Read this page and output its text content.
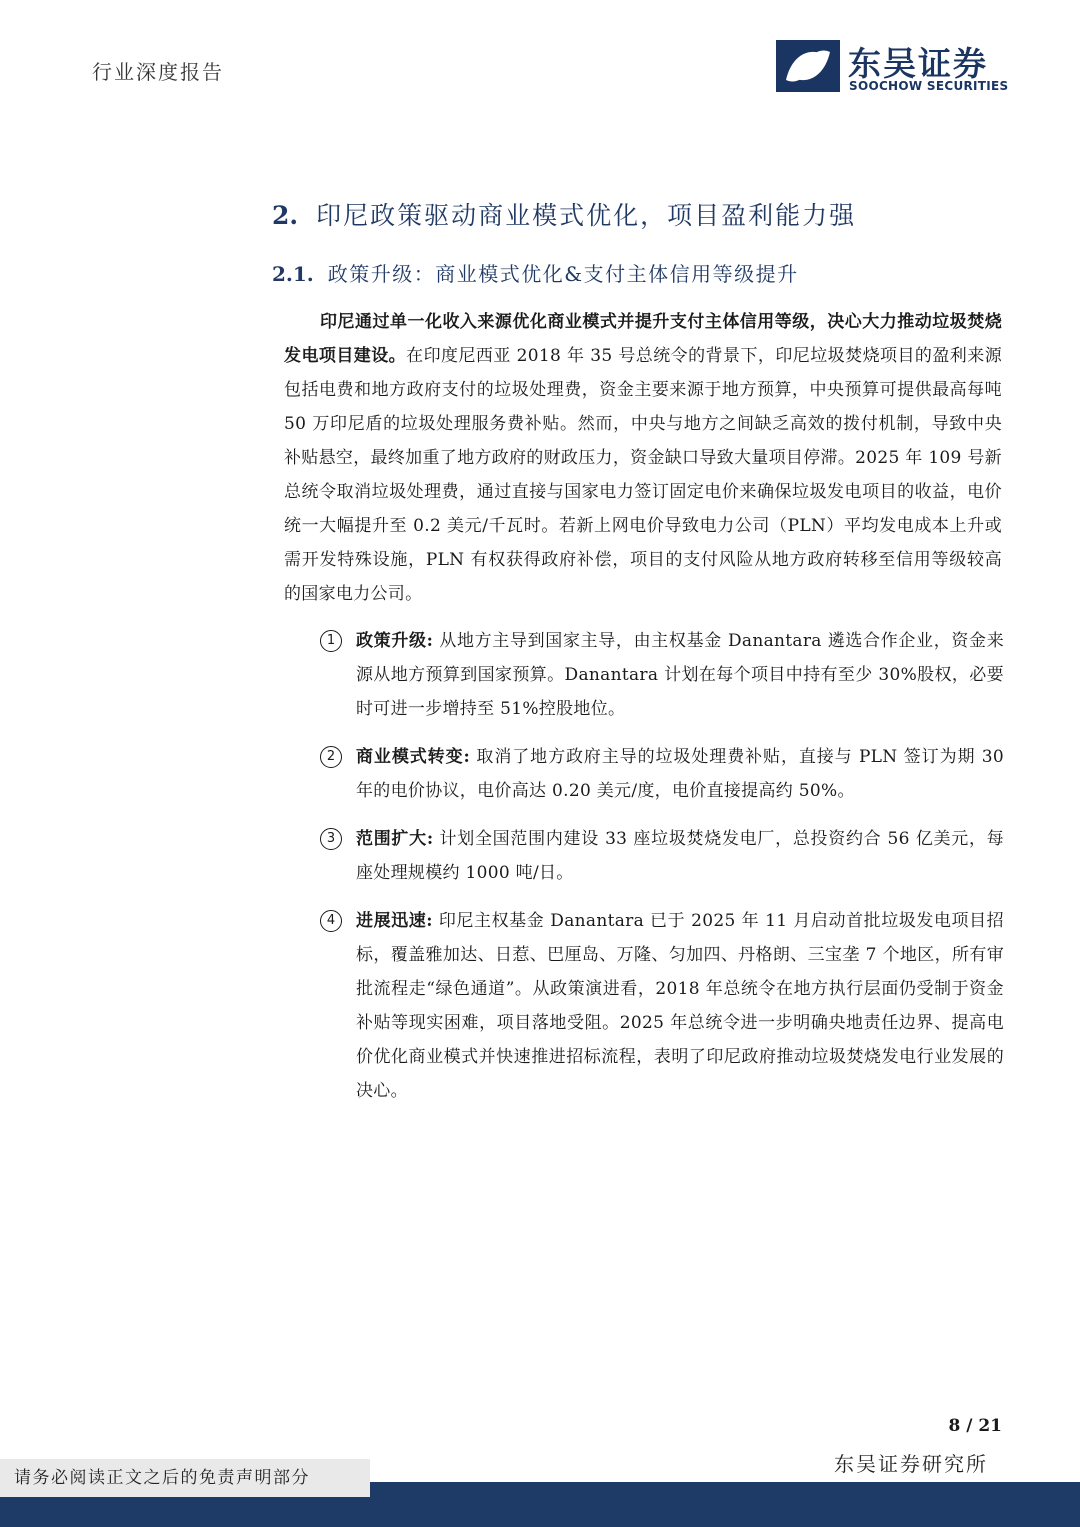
行业深度报告	东吴证券
SOOCHOW SECURITIES
2. 印尼政策驱动商业模式优化，项目盈利能力强
2.1. 政策升级：商业模式优化&支付主体信用等级提升

印尼通过单一化收入来源优化商业模式并提升支付主体信用等级，决心大力推动垃圾焚烧发电项目建设。在印度尼西亚 2018 年 35 号总统令的背景下，印尼垃圾焚烧项目的盈利来源包括电费和地方政府支付的垃圾处理费，资金主要来源于地方预算，中央预算可提供最高每吨 50 万印尼盾的垃圾处理服务费补贴。然而，中央与地方之间缺乏高效的拨付机制，导致中央补贴悬空，最终加重了地方政府的财政压力，资金缺口导致大量项目停滞。2025 年 109 号新总统令取消垃圾处理费，通过直接与国家电力签订固定电价来确保垃圾发电项目的收益，电价统一大幅提升至 0.2 美元/千瓦时。若新上网电价导致电力公司（PLN）平均发电成本上升或需开发特殊设施，PLN 有权获得政府补偿，项目的支付风险从地方政府转移至信用等级较高的国家电力公司。

1	政策升级: 从地方主导到国家主导，由主权基金 Danantara 遴选合作企业，资金来源从地方预算到国家预算。Danantara 计划在每个项目中持有至少 30%股权，必要时可进一步增持至 51%控股地位。

2	商业模式转变: 取消了地方政府主导的垃圾处理费补贴，直接与 PLN 签订为期 30 年的电价协议，电价高达 0.20 美元/度，电价直接提高约 50%。

3	范围扩大: 计划全国范围内建设 33 座垃圾焚烧发电厂，总投资约合 56 亿美元，每座处理规模约 1000 吨/日。

4	进展迅速: 印尼主权基金 Danantara 已于 2025 年 11 月启动首批垃圾发电项目招标，覆盖雅加达、日惹、巴厘岛、万隆、匀加四、丹格朗、三宝垄 7 个地区，所有审批流程走“绿色通道”。从政策演进看，2018 年总统令在地方执行层面仍受制于资金补贴等现实困难，项目落地受阻。2025 年总统令进一步明确央地责任边界、提高电价优化商业模式并快速推进招标流程，表明了印尼政府推动垃圾焚烧发电行业发展的决心。

8 / 21
东吴证券研究所
请务必阅读正文之后的免责声明部分
